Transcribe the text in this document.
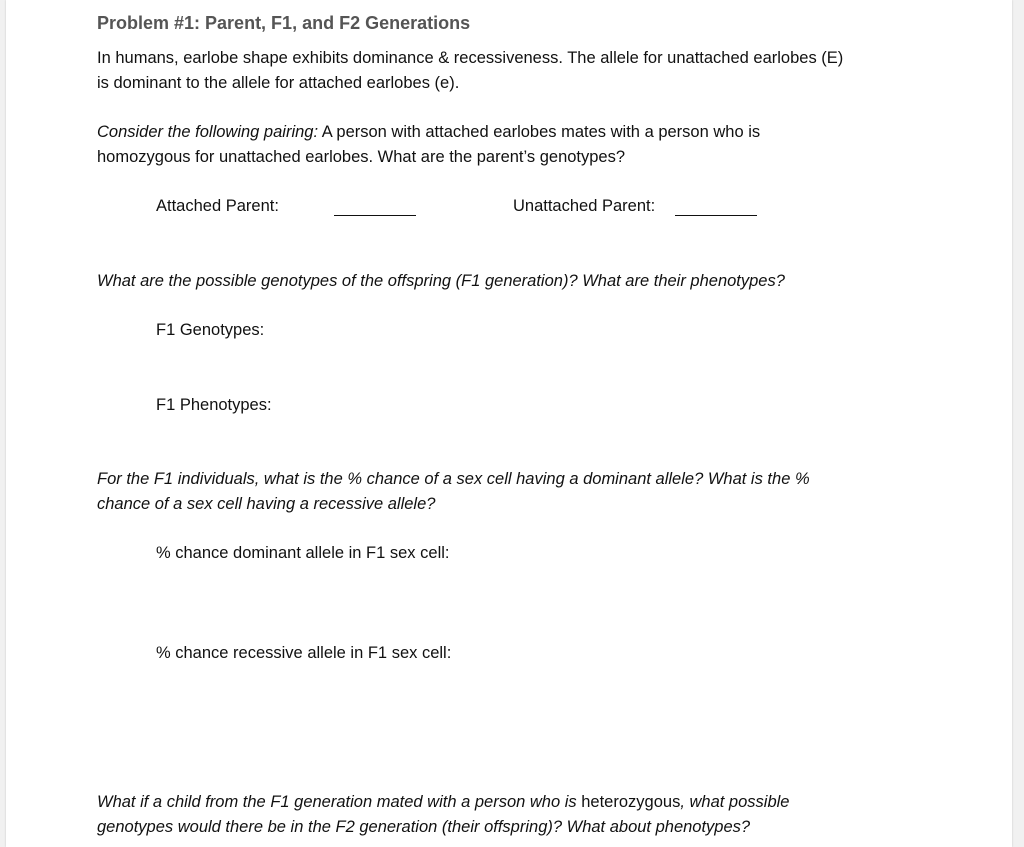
Problem #1: Parent, F1, and F2 Generations
In humans, earlobe shape exhibits dominance & recessiveness. The allele for unattached earlobes (E)
is dominant to the allele for attached earlobes (e).
Consider the following pairing: A person with attached earlobes mates with a person who is
homozygous for unattached earlobes. What are the parent’s genotypes?
Attached Parent:	Unattached Parent:
What are the possible genotypes of the offspring (F1 generation)? What are their phenotypes?
F1 Genotypes:
F1 Phenotypes:
For the F1 individuals, what is the % chance of a sex cell having a dominant allele? What is the %
chance of a sex cell having a recessive allele?
% chance dominant allele in F1 sex cell:
% chance recessive allele in F1 sex cell:
What if a child from the F1 generation mated with a person who is heterozygous, what possible
genotypes would there be in the F2 generation (their offspring)? What about phenotypes?
